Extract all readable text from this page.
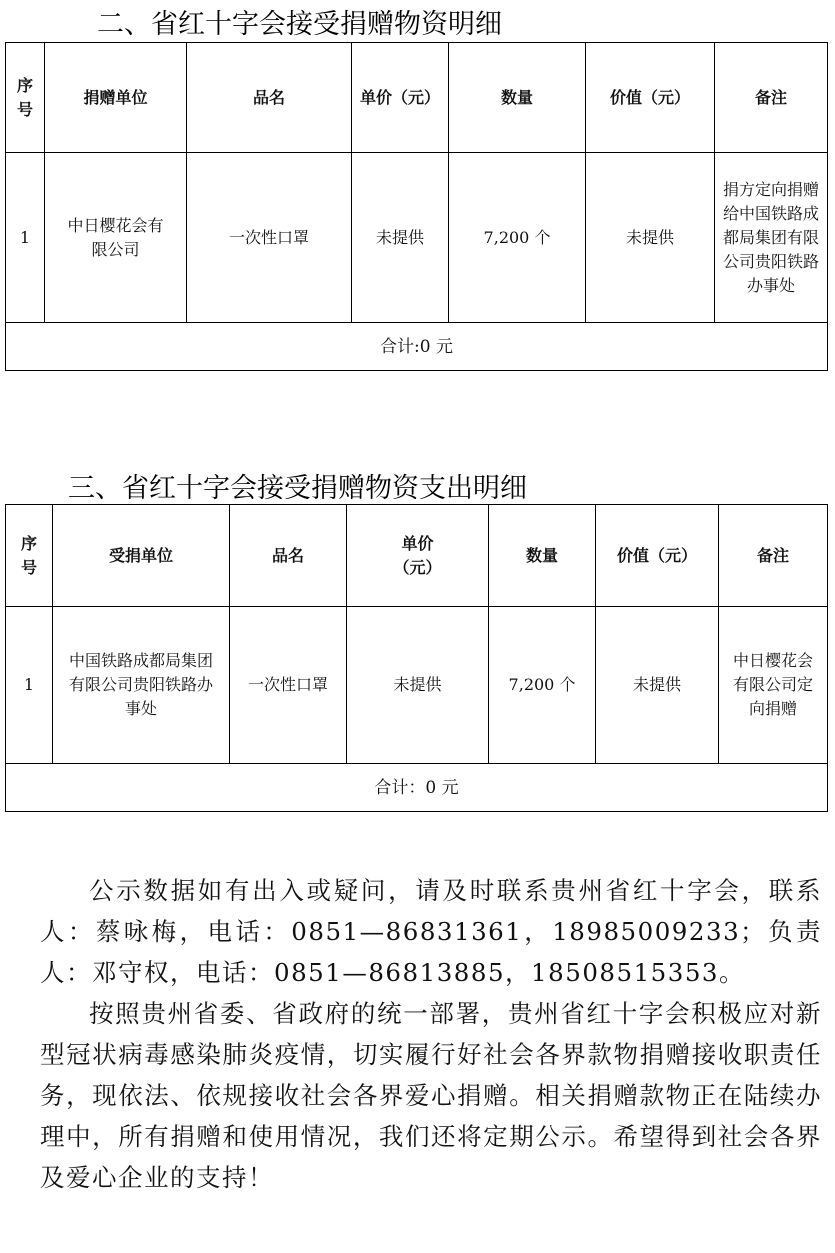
二、省红十字会接受捐赠物资明细
序号	捐赠单位	品名	单价（元）	数量	价值（元）	备注
1	中日樱花会有限公司	一次性口罩	未提供	7,200 个	未提供	捐方定向捐赠给中国铁路成都局集团有限公司贵阳铁路办事处
合计:0 元						
三、省红十字会接受捐赠物资支出明细
序号	受捐单位	品名	单价（元）	数量	价值（元）	备注
1	中国铁路成都局集团有限公司贵阳铁路办事处	一次性口罩	未提供	7,200 个	未提供	中日樱花会有限公司定向捐赠
合计：0 元						

公示数据如有出入或疑问，请及时联系贵州省红十字会，联系人：蔡咏梅，电话：0851—86831361，18985009233；负责人：邓守权，电话：0851—86813885，18508515353。

按照贵州省委、省政府的统一部署，贵州省红十字会积极应对新型冠状病毒感染肺炎疫情，切实履行好社会各界款物捐赠接收职责任务，现依法、依规接收社会各界爱心捐赠。相关捐赠款物正在陆续办理中，所有捐赠和使用情况，我们还将定期公示。希望得到社会各界及爱心企业的支持！
